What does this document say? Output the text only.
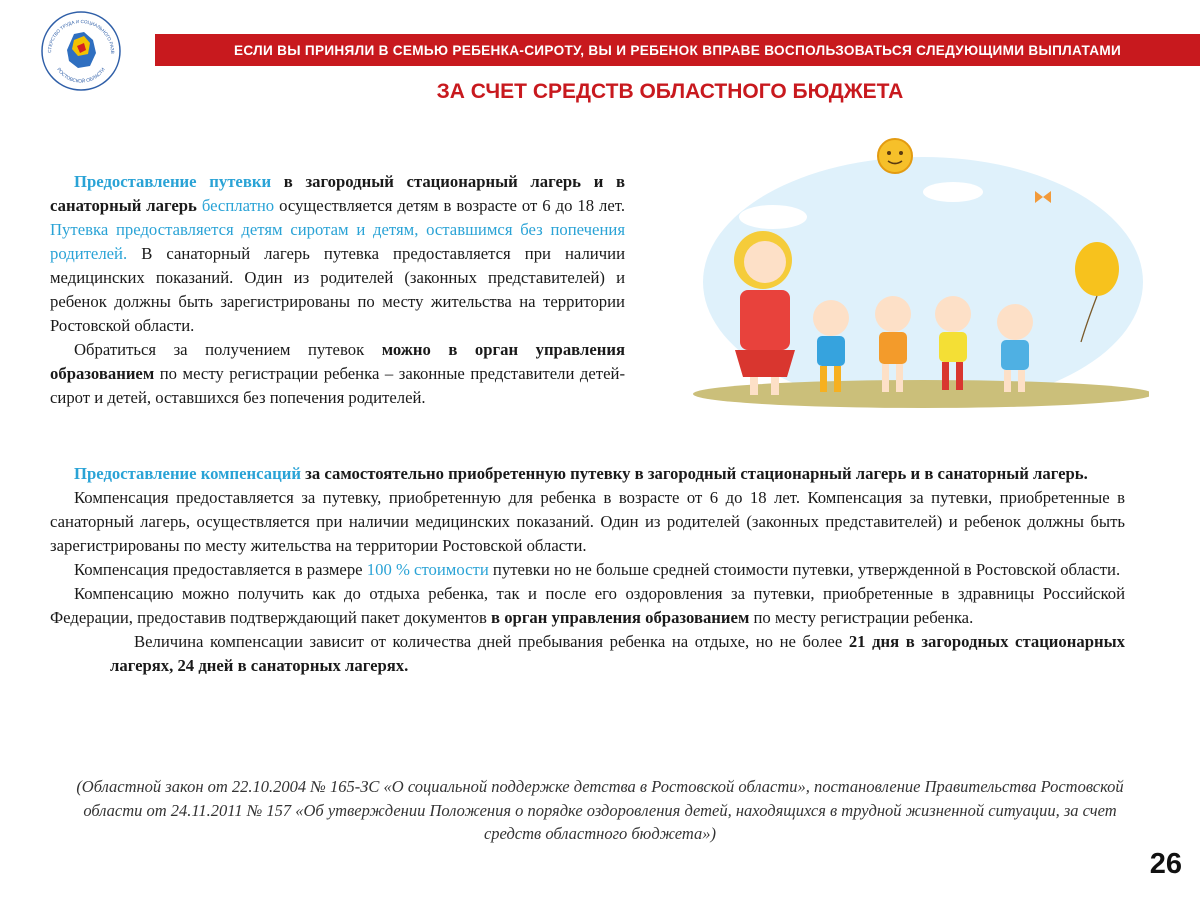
СТЕРСТВО ТРУДА И СОЦИАЛЬНОГО РАЗВ
РОСТОВСКОЙ ОБЛАСТИ
ЕСЛИ ВЫ ПРИНЯЛИ В СЕМЬЮ РЕБЕНКА-СИРОТУ, ВЫ И РЕБЕНОК ВПРАВЕ ВОСПОЛЬЗОВАТЬСЯ СЛЕДУЮЩИМИ ВЫПЛАТАМИ
ЗА СЧЕТ СРЕДСТВ ОБЛАСТНОГО БЮДЖЕТА

Предоставление путевки в загородный стационарный лагерь и в санаторный лагерь бесплатно осуществляется детям в возрасте от 6 до 18 лет. Путевка предоставляется детям сиротам и детям, оставшимся без попечения родителей. В санаторный лагерь путевка предоставляется при наличии медицинских показаний. Один из родителей (законных представителей) и ребенок должны быть зарегистрированы по месту жительства на территории Ростовской области.

Обратиться за получением путевок можно в орган управления образованием по месту регистрации ребенка – законные представители детей-сирот и детей, оставшихся без попечения родителей.

Предоставление компенсаций за самостоятельно приобретенную путевку в загородный стационарный лагерь и в санаторный лагерь.

Компенсация предоставляется за путевку, приобретенную для ребенка в возрасте от 6 до 18 лет. Компенсация за путевки, приобретенные в санаторный лагерь, осуществляется при наличии медицинских показаний. Один из родителей (законных представителей) и ребенок должны быть зарегистрированы по месту жительства на территории Ростовской области.

Компенсация предоставляется в размере 100 % стоимости путевки но не больше средней стоимости путевки, утвержденной в Ростовской области.

Компенсацию можно получить как до отдыха ребенка, так и после его оздоровления за путевки, приобретенные в здравницы Российской Федерации, предоставив подтверждающий пакет документов в орган управления образованием по месту регистрации ребенка.

Величина компенсации зависит от количества дней пребывания ребенка на отдыхе, но не более 21 дня в загородных стационарных лагерях, 24 дней в санаторных лагерях.

(Областной закон от 22.10.2004 № 165-ЗС «О социальной поддержке детства в Ростовской области», постановление Правительства Ростовской области от 24.11.2011 № 157 «Об утверждении Положения о порядке оздоровления детей, находящихся в трудной жизненной ситуации, за счет средств областного бюджета»)
26
